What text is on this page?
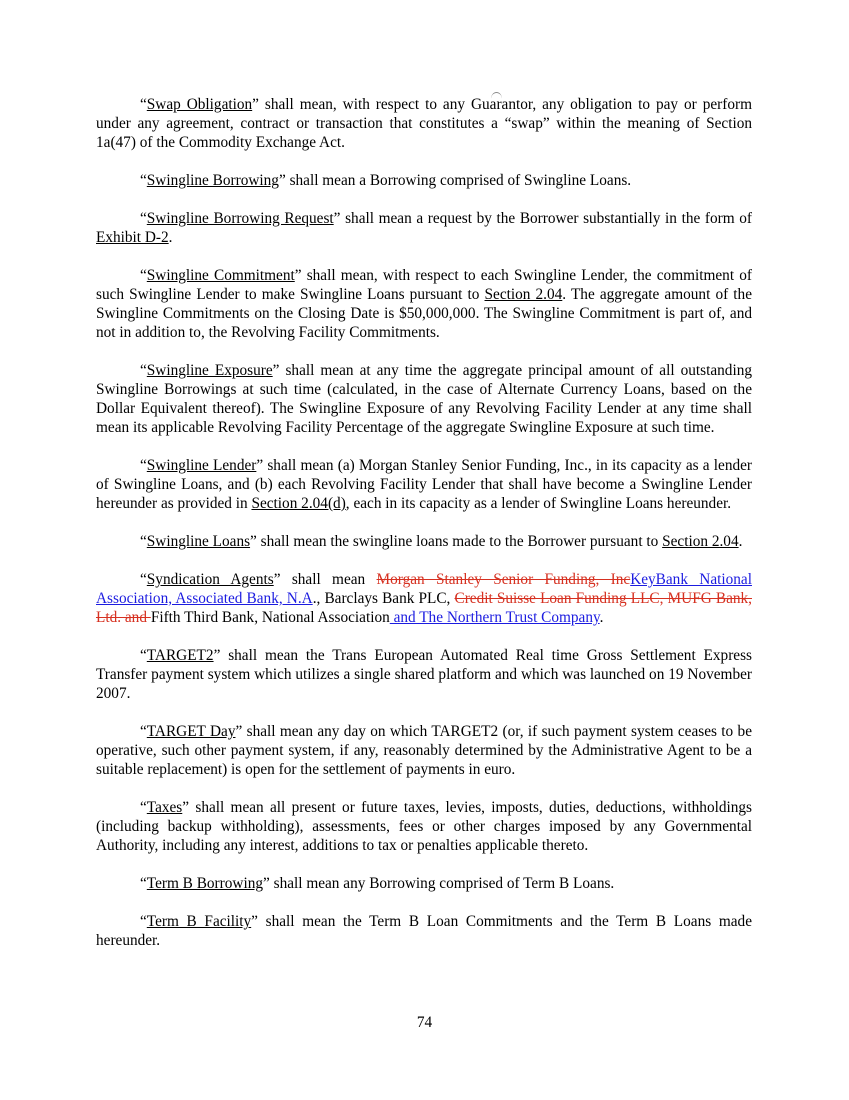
“Swap Obligation” shall mean, with respect to any Guarantor, any obligation to pay or perform under any agreement, contract or transaction that constitutes a “swap” within the meaning of Section 1a(47) of the Commodity Exchange Act.

“Swingline Borrowing” shall mean a Borrowing comprised of Swingline Loans.

“Swingline Borrowing Request” shall mean a request by the Borrower substantially in the form of Exhibit D-2.

“Swingline Commitment” shall mean, with respect to each Swingline Lender, the commitment of such Swingline Lender to make Swingline Loans pursuant to Section 2.04. The aggregate amount of the Swingline Commitments on the Closing Date is $50,000,000. The Swingline Commitment is part of, and not in addition to, the Revolving Facility Commitments.

“Swingline Exposure” shall mean at any time the aggregate principal amount of all outstanding Swingline Borrowings at such time (calculated, in the case of Alternate Currency Loans, based on the Dollar Equivalent thereof). The Swingline Exposure of any Revolving Facility Lender at any time shall mean its applicable Revolving Facility Percentage of the aggregate Swingline Exposure at such time.

“Swingline Lender” shall mean (a) Morgan Stanley Senior Funding, Inc., in its capacity as a lender of Swingline Loans, and (b) each Revolving Facility Lender that shall have become a Swingline Lender hereunder as provided in Section 2.04(d), each in its capacity as a lender of Swingline Loans hereunder.

“Swingline Loans” shall mean the swingline loans made to the Borrower pursuant to Section 2.04.

“Syndication Agents” shall mean Morgan Stanley Senior Funding, IncKeyBank National Association, Associated Bank, N.A., Barclays Bank PLC, Credit Suisse Loan Funding LLC, MUFG Bank, Ltd. and Fifth Third Bank, National Association and The Northern Trust Company.

“TARGET2” shall mean the Trans European Automated Real time Gross Settlement Express Transfer payment system which utilizes a single shared platform and which was launched on 19 November 2007.

“TARGET Day” shall mean any day on which TARGET2 (or, if such payment system ceases to be operative, such other payment system, if any, reasonably determined by the Administrative Agent to be a suitable replacement) is open for the settlement of payments in euro.

“Taxes” shall mean all present or future taxes, levies, imposts, duties, deductions, withholdings (including backup withholding), assessments, fees or other charges imposed by any Governmental Authority, including any interest, additions to tax or penalties applicable thereto.

“Term B Borrowing” shall mean any Borrowing comprised of Term B Loans.

“Term B Facility” shall mean the Term B Loan Commitments and the Term B Loans made hereunder.

74
